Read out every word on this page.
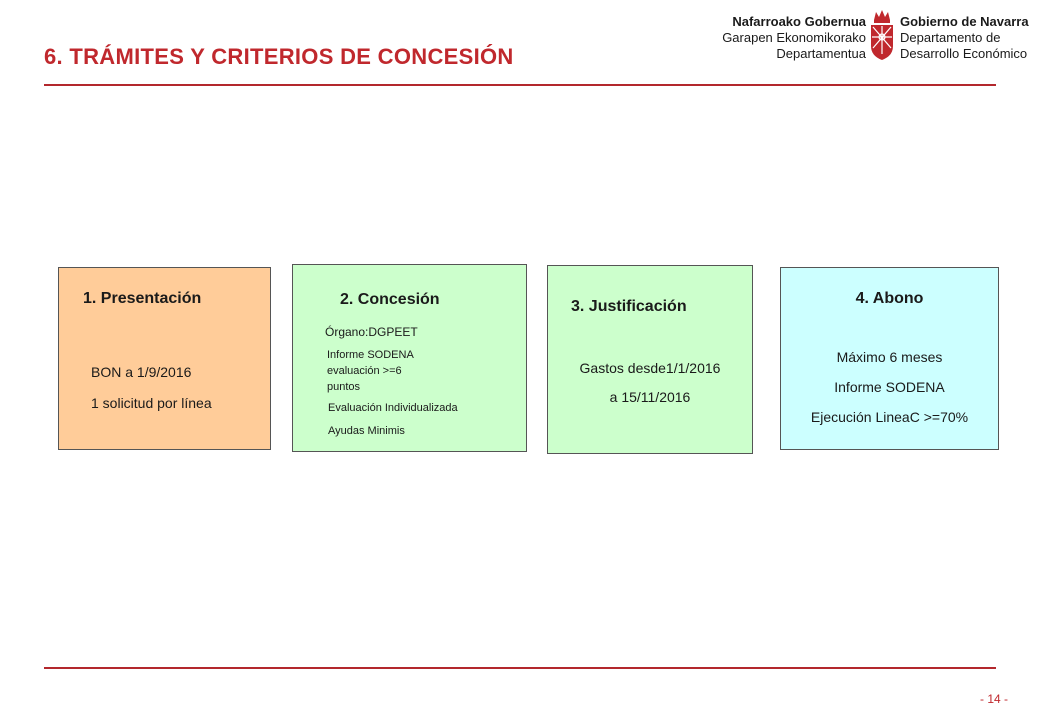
6. TRÁMITES Y CRITERIOS DE CONCESIÓN
Nafarroako Gobernua
Garapen Ekonomikorako
Departamentua
Gobierno de Navarra
Departamento de
Desarrollo Económico
1. Presentación
BON a 1/9/2016
1 solicitud por línea
2. Concesión
Órgano:DGPEET
Informe SODENA
evaluación >=6
puntos
Evaluación Individualizada
Ayudas Minimis
3. Justificación
Gastos desde1/1/2016
a 15/11/2016
4. Abono
Máximo 6 meses
Informe SODENA
Ejecución LineaC >=70%
- 14 -
